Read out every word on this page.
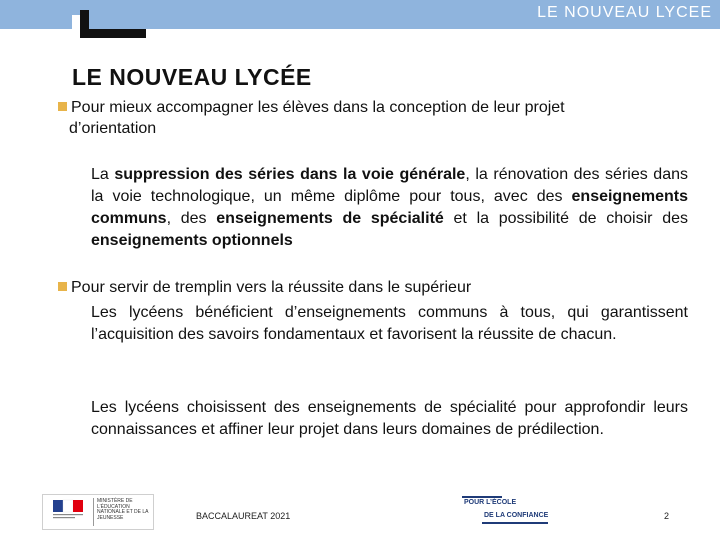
LE NOUVEAU LYCEE
LE NOUVEAU LYCÉE
Pour mieux accompagner les élèves dans la conception de leur projet
d’orientation
La suppression des séries dans la voie générale, la rénovation des séries dans la voie technologique, un même diplôme pour tous, avec des enseignements communs, des enseignements de spécialité et la possibilité de choisir des enseignements optionnels
Pour servir de tremplin vers la réussite dans le supérieur
Les lycéens bénéficient d’enseignements communs à tous, qui garantissent l’acquisition des savoirs fondamentaux et favorisent la réussite de chacun.
Les lycéens choisissent des enseignements de spécialité pour approfondir leurs connaissances et affiner leur projet dans leurs domaines de prédilection.
MINISTÈRE DE L’ÉDUCATION NATIONALE ET DE LA JEUNESSE	BACCALAUREAT 2021
POUR L’ÉCOLE
DE LA CONFIANCE	2
